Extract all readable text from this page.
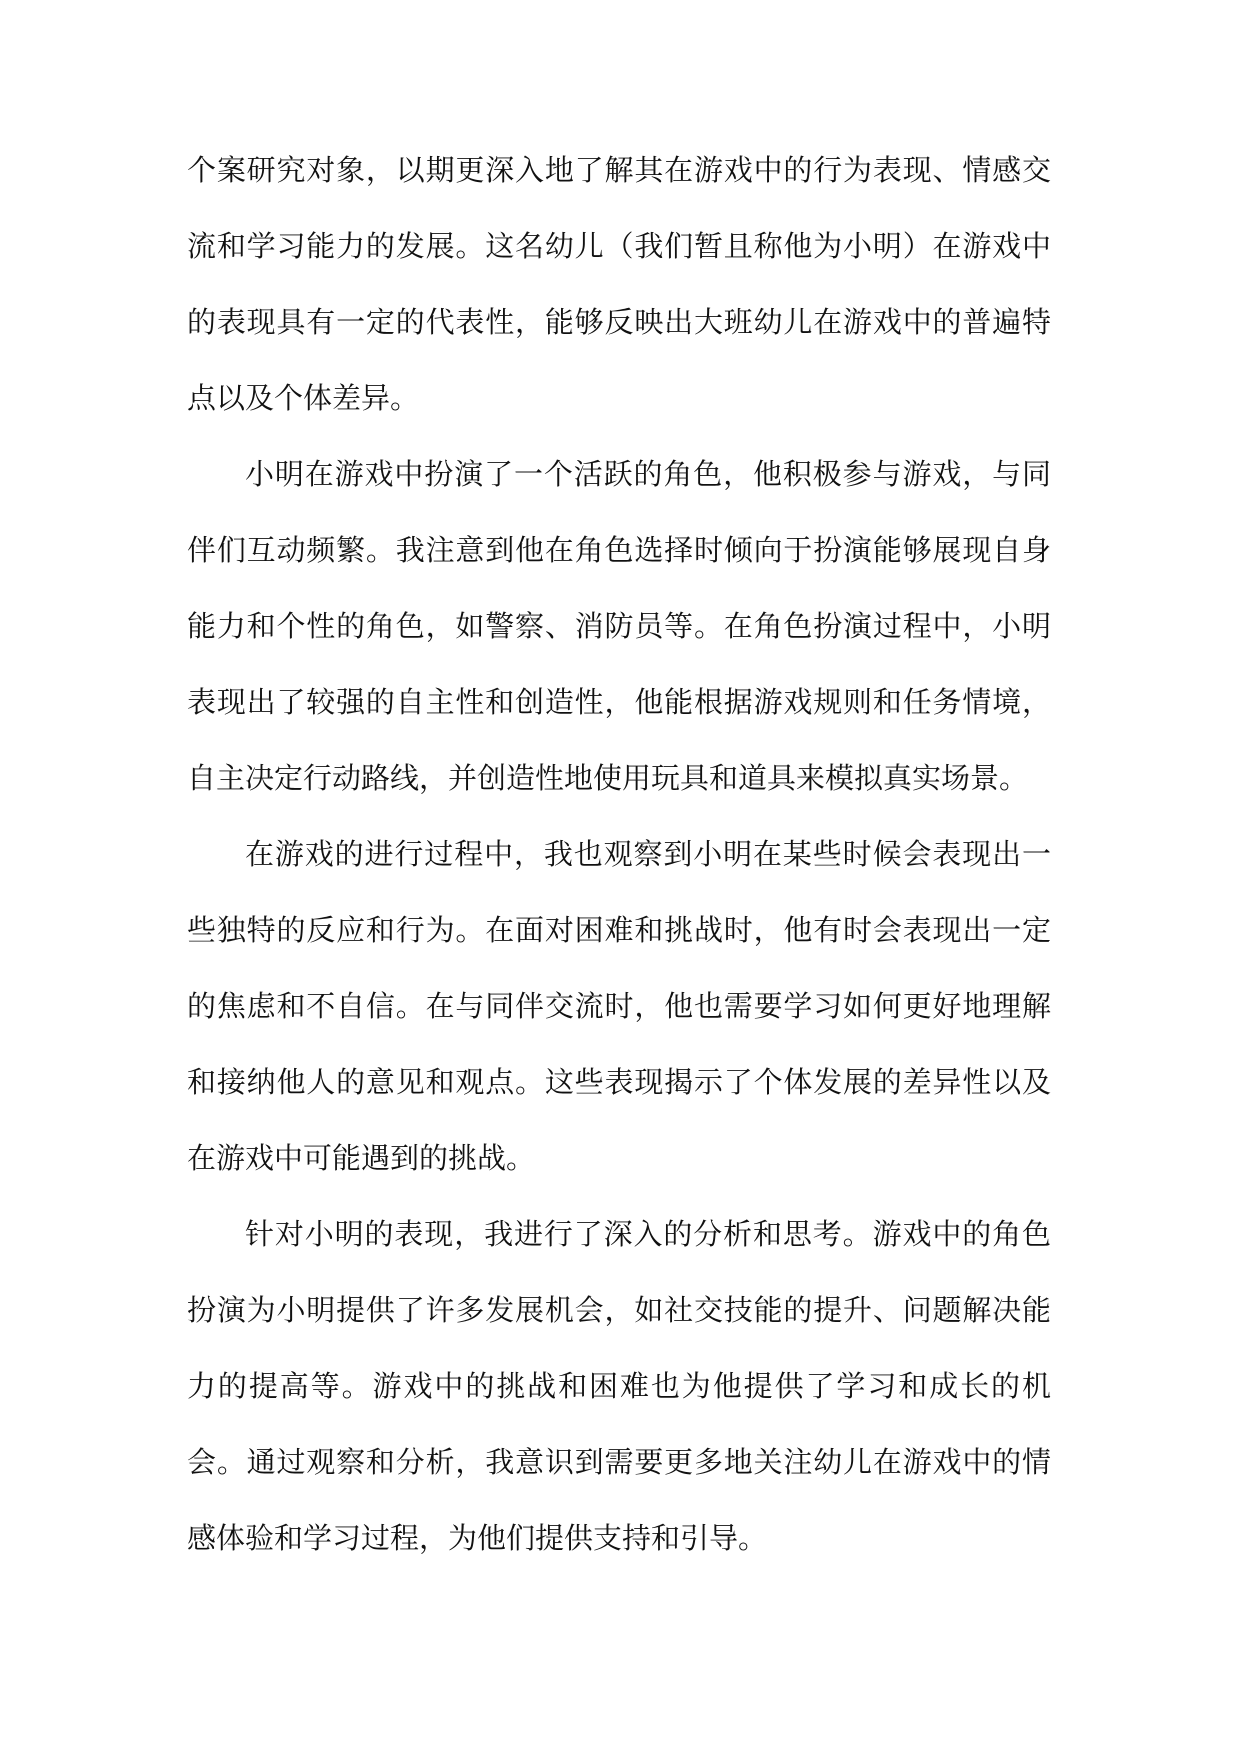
个案研究对象，以期更深入地了解其在游戏中的行为表现、情感交流和学习能力的发展。这名幼儿（我们暂且称他为小明）在游戏中的表现具有一定的代表性，能够反映出大班幼儿在游戏中的普遍特点以及个体差异。

小明在游戏中扮演了一个活跃的角色，他积极参与游戏，与同伴们互动频繁。我注意到他在角色选择时倾向于扮演能够展现自身能力和个性的角色，如警察、消防员等。在角色扮演过程中，小明表现出了较强的自主性和创造性，他能根据游戏规则和任务情境，自主决定行动路线，并创造性地使用玩具和道具来模拟真实场景。

在游戏的进行过程中，我也观察到小明在某些时候会表现出一些独特的反应和行为。在面对困难和挑战时，他有时会表现出一定的焦虑和不自信。在与同伴交流时，他也需要学习如何更好地理解和接纳他人的意见和观点。这些表现揭示了个体发展的差异性以及在游戏中可能遇到的挑战。

针对小明的表现，我进行了深入的分析和思考。游戏中的角色扮演为小明提供了许多发展机会，如社交技能的提升、问题解决能力的提高等。游戏中的挑战和困难也为他提供了学习和成长的机会。通过观察和分析，我意识到需要更多地关注幼儿在游戏中的情感体验和学习过程，为他们提供支持和引导。
